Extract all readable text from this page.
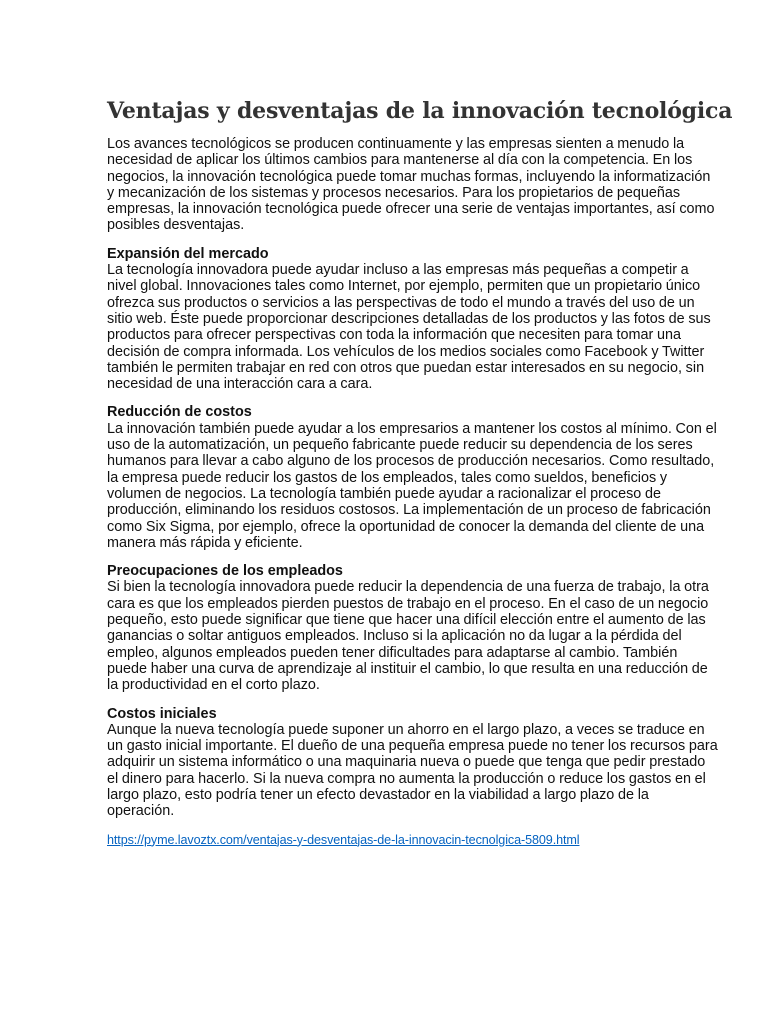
Ventajas y desventajas de la innovación tecnológica

Los avances tecnológicos se producen continuamente y las empresas sienten a menudo la necesidad de aplicar los últimos cambios para mantenerse al día con la competencia. En los negocios, la innovación tecnológica puede tomar muchas formas, incluyendo la informatización y mecanización de los sistemas y procesos necesarios. Para los propietarios de pequeñas empresas, la innovación tecnológica puede ofrecer una serie de ventajas importantes, así como posibles desventajas.

Expansión del mercado

La tecnología innovadora puede ayudar incluso a las empresas más pequeñas a competir a nivel global. Innovaciones tales como Internet, por ejemplo, permiten que un propietario único ofrezca sus productos o servicios a las perspectivas de todo el mundo a través del uso de un sitio web. Éste puede proporcionar descripciones detalladas de los productos y las fotos de sus productos para ofrecer perspectivas con toda la información que necesiten para tomar una decisión de compra informada. Los vehículos de los medios sociales como Facebook y Twitter también le permiten trabajar en red con otros que puedan estar interesados en su negocio, sin necesidad de una interacción cara a cara.

Reducción de costos

La innovación también puede ayudar a los empresarios a mantener los costos al mínimo. Con el uso de la automatización, un pequeño fabricante puede reducir su dependencia de los seres humanos para llevar a cabo alguno de los procesos de producción necesarios. Como resultado, la empresa puede reducir los gastos de los empleados, tales como sueldos, beneficios y volumen de negocios. La tecnología también puede ayudar a racionalizar el proceso de producción, eliminando los residuos costosos. La implementación de un proceso de fabricación como Six Sigma, por ejemplo, ofrece la oportunidad de conocer la demanda del cliente de una manera más rápida y eficiente.

Preocupaciones de los empleados

Si bien la tecnología innovadora puede reducir la dependencia de una fuerza de trabajo, la otra cara es que los empleados pierden puestos de trabajo en el proceso. En el caso de un negocio pequeño, esto puede significar que tiene que hacer una difícil elección entre el aumento de las ganancias o soltar antiguos empleados. Incluso si la aplicación no da lugar a la pérdida del empleo, algunos empleados pueden tener dificultades para adaptarse al cambio. También puede haber una curva de aprendizaje al instituir el cambio, lo que resulta en una reducción de la productividad en el corto plazo.

Costos iniciales

Aunque la nueva tecnología puede suponer un ahorro en el largo plazo, a veces se traduce en un gasto inicial importante. El dueño de una pequeña empresa puede no tener los recursos para adquirir un sistema informático o una maquinaria nueva o puede que tenga que pedir prestado el dinero para hacerlo. Si la nueva compra no aumenta la producción o reduce los gastos en el largo plazo, esto podría tener un efecto devastador en la viabilidad a largo plazo de la operación.

https://pyme.lavoztx.com/ventajas-y-desventajas-de-la-innovacin-tecnolgica-5809.html
